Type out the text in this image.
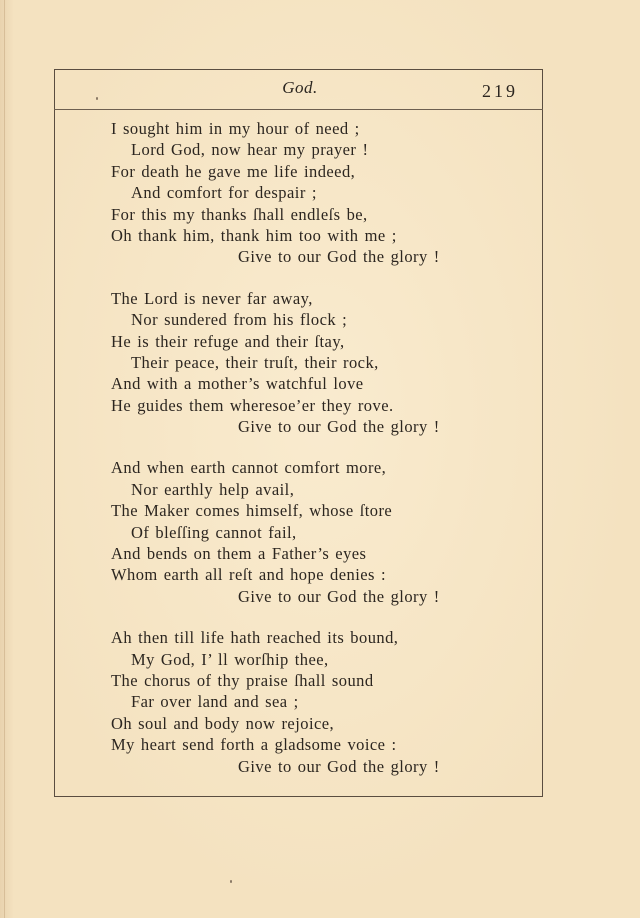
God.	219
I sought him in my hour of need ;
Lord God, now hear my prayer !
For death he gave me life indeed,
And comfort for despair ;
For this my thanks ſhall endleſs be,
Oh thank him, thank him too with me ;
Give to our God the glory !
The Lord is never far away,
Nor sundered from his flock ;
He is their refuge and their ſtay,
Their peace, their truſt, their rock,
And with a mother’s watchful love
He guides them wheresoe’er they rove.
Give to our God the glory !
And when earth cannot comfort more,
Nor earthly help avail,
The Maker comes himself, whose ſtore
Of bleſſing cannot fail,
And bends on them a Father’s eyes
Whom earth all reſt and hope denies :
Give to our God the glory !
Ah then till life hath reached its bound,
My God, I’ ll worſhip thee,
The chorus of thy praise ſhall sound
Far over land and sea ;
Oh soul and body now rejoice,
My heart send forth a gladsome voice :
Give to our God the glory !
